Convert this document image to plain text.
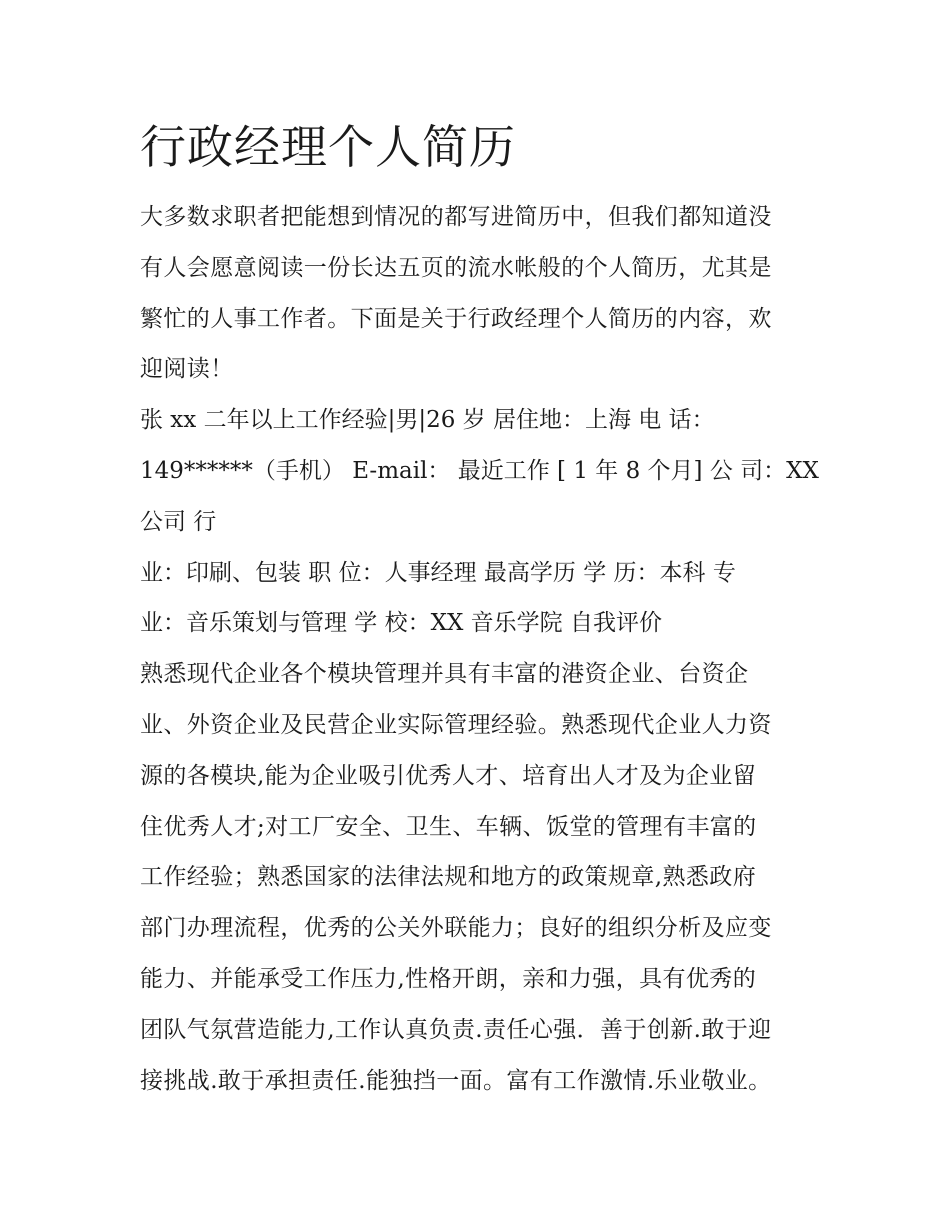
行政经理个人简历
大多数求职者把能想到情况的都写进简历中，但我们都知道没
有人会愿意阅读一份长达五页的流水帐般的个人简历，尤其是
繁忙的人事工作者。下面是关于行政经理个人简历的内容，欢
迎阅读！
张 xx 二年以上工作经验|男|26 岁 居住地：上海 电 话：
149******（手机） E-mail： 最近工作 [ 1 年 8 个月] 公 司：XX
公司 行
业：印刷、包装 职 位：人事经理 最高学历 学 历：本科 专
业：音乐策划与管理 学 校：XX 音乐学院 自我评价
熟悉现代企业各个模块管理并具有丰富的港资企业、台资企
业、外资企业及民营企业实际管理经验。熟悉现代企业人力资
源的各模块,能为企业吸引优秀人才、培育出人才及为企业留
住优秀人才;对工厂安全、卫生、车辆、饭堂的管理有丰富的
工作经验；熟悉国家的法律法规和地方的政策规章,熟悉政府
部门办理流程，优秀的公关外联能力；良好的组织分析及应变
能力、并能承受工作压力,性格开朗，亲和力强，具有优秀的
团队气氛营造能力,工作认真负责.责任心强．善于创新.敢于迎
接挑战.敢于承担责任.能独挡一面。富有工作激情.乐业敬业。
